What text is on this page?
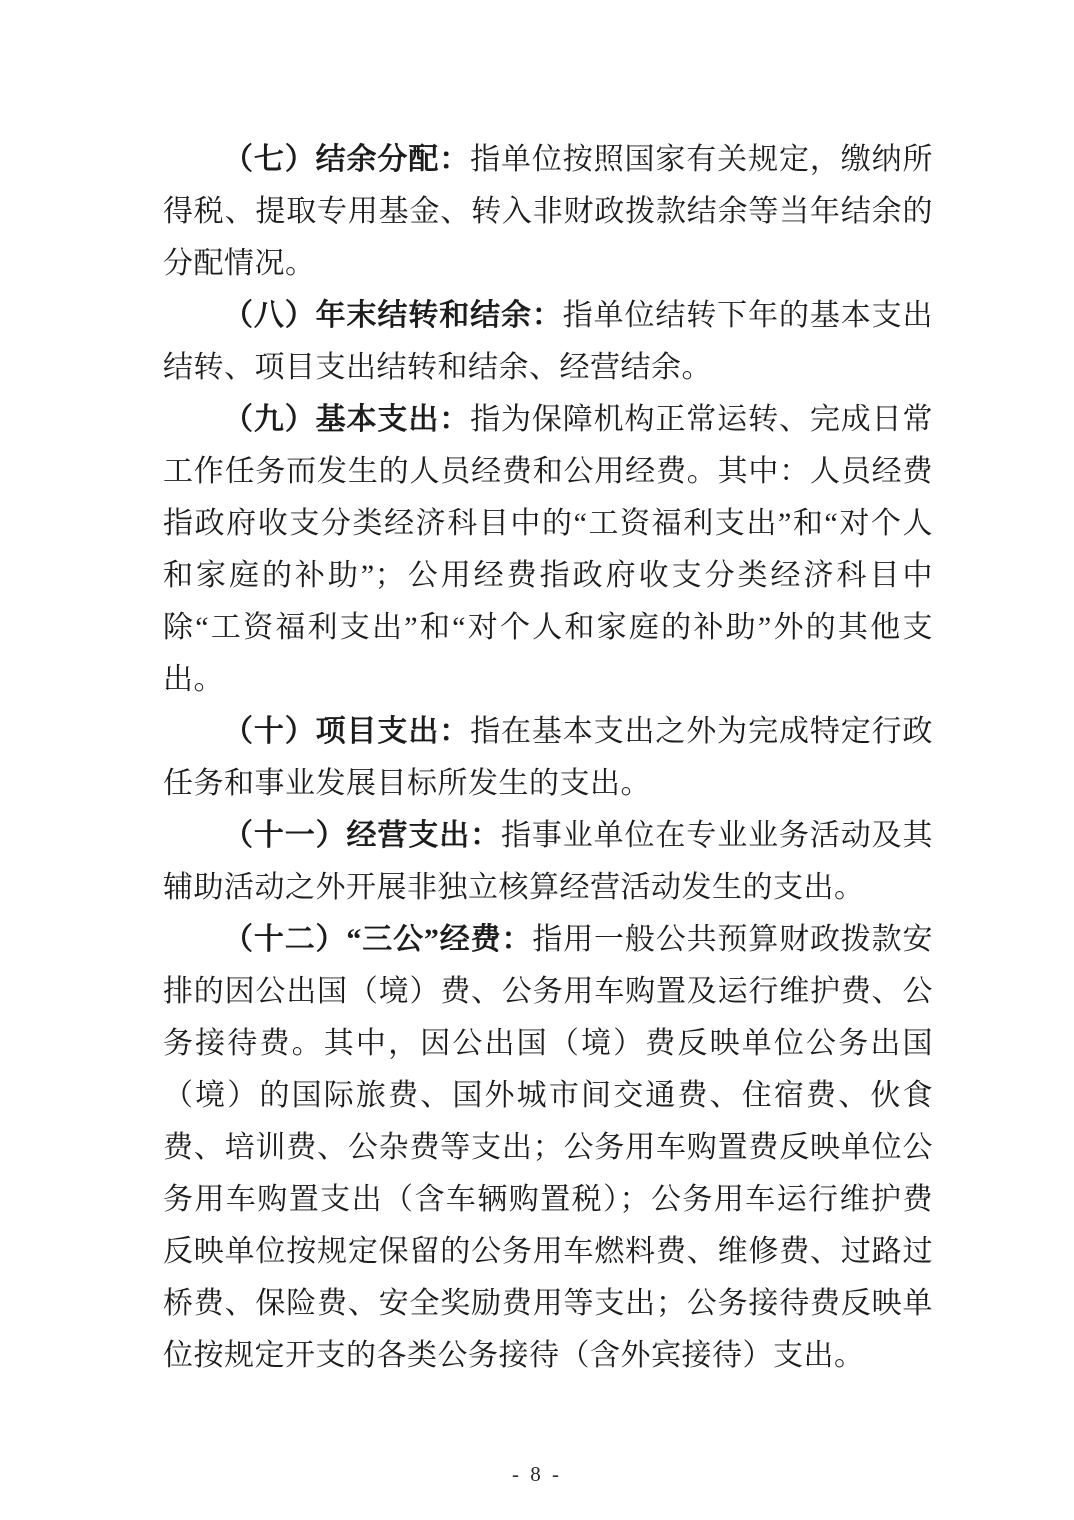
（七）结余分配：指单位按照国家有关规定，缴纳所得税、提取专用基金、转入非财政拨款结余等当年结余的分配情况。

（八）年末结转和结余：指单位结转下年的基本支出结转、项目支出结转和结余、经营结余。

（九）基本支出：指为保障机构正常运转、完成日常工作任务而发生的人员经费和公用经费。其中：人员经费指政府收支分类经济科目中的“工资福利支出”和“对个人和家庭的补助”；公用经费指政府收支分类经济科目中除“工资福利支出”和“对个人和家庭的补助”外的其他支出。

（十）项目支出：指在基本支出之外为完成特定行政任务和事业发展目标所发生的支出。

（十一）经营支出：指事业单位在专业业务活动及其辅助活动之外开展非独立核算经营活动发生的支出。

（十二）“三公”经费：指用一般公共预算财政拨款安排的因公出国（境）费、公务用车购置及运行维护费、公务接待费。其中，因公出国（境）费反映单位公务出国（境）的国际旅费、国外城市间交通费、住宿费、伙食费、培训费、公杂费等支出；公务用车购置费反映单位公务用车购置支出（含车辆购置税）；公务用车运行维护费反映单位按规定保留的公务用车燃料费、维修费、过路过桥费、保险费、安全奖励费用等支出；公务接待费反映单位按规定开支的各类公务接待（含外宾接待）支出。

- 8 -
